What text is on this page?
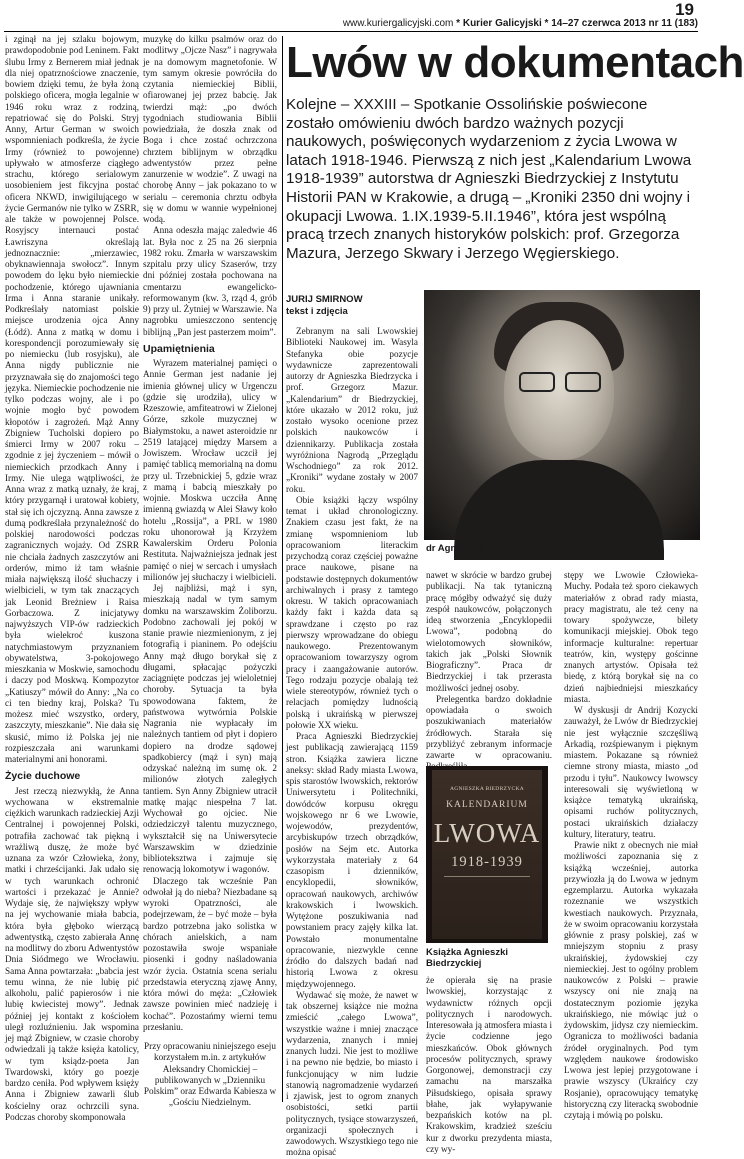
19
www.kuriergalicyjski.com * Kurier Galicyjski * 14–27 czerwca 2013 nr 11 (183)

i zginął na jej szlaku bojowym, prawdopodobnie pod Leninem. Fakt ślubu Irmy z Bernerem miał jednak dla niej opatrznościowe znaczenie, bowiem dzięki temu, że była żoną polskiego oficera, mogła legalnie w 1946 roku wraz z rodziną, repatriować się do Polski. Stryj Anny, Artur German w swoich wspomnieniach podkreśla, że życie Irmy (również to powojenne) upływało w atmosferze ciągłego strachu, którego serialowym uosobieniem jest fikcyjna postać oficera NKWD, inwigilującego w życie Germanów nie tylko w ZSRR, ale także w powojennej Polsce. Rosyjscy internauci postać Ławriszyna określają jednoznacznie: „mierzawiec, obyknawiennaja swołocz”. Innym powodem do lęku było niemieckie pochodzenie, którego ujawniania Irma i Anna staranie unikały. Podkreślały natomiast polskie miejsce urodzenia ojca Anny (Łódź). Anna z matką w domu i korespondencji porozumiewały się po niemiecku (lub rosyjsku), ale Anna nigdy publicznie nie przyznawała się do znajomości tego języka. Niemieckie pochodzenie nie tylko podczas wojny, ale i po wojnie mogło być powodem kłopotów i zagrożeń. Mąż Anny Zbigniew Tucholski dopiero po śmierci Irmy w 2007 roku – zgodnie z jej życzeniem – mówił o niemieckich przodkach Anny i Irmy. Nie ulega wątpliwości, że Anna wraz z matką uznały, że kraj, który przygarnął i uratował kobiety, stał się ich ojczyzną. Anna zawsze z dumą podkreślała przynależność do polskiej narodowości podczas zagranicznych wojaży. Od ZSRR nie chciała żadnych zaszczytów ani orderów, mimo iż tam właśnie miała największą ilość słuchaczy i wielbicieli, w tym tak znaczących jak Leonid Breżniew i Raisa Gorbaczowa. Z inicjatywy najwyższych VIP-ów radzieckich była wielekroć kuszona natychmiastowym przyznaniem obywatelstwa, 3-pokojowego mieszkania w Moskwie, samochodu i daczy pod Moskwą. Kompozytor „Katiuszy” mówił do Anny: „Na co ci ten biedny kraj, Polska? Tu możesz mieć wszystko, ordery, zaszczyty, mieszkanie”. Nie dała się skusić, mimo iż Polska jej nie rozpieszczała ani warunkami materialnymi ani honorami.

Życie duchowe

Jest rzeczą niezwykłą, że Anna wychowana w ekstremalnie ciężkich warunkach radzieckiej Azji Centralnej i powojennej Polski, potrafiła zachować tak piękną i wrażliwą duszę, że może być uznana za wzór Człowieka, żony, matki i chrześcijanki. Jak udało się w tych warunkach ochronić wartości i przekazać je Annie? Wydaje się, że największy wpływ na jej wychowanie miała babcia, która była głęboko wierzącą adwentystką, często zabierała Annę na modlitwy do zboru Adwentystów Dnia Siódmego we Wrocławiu. Sama Anna powtarzała: „babcia jest temu winna, że nie lubię pić alkoholu, palić papierosów i nie lubię kwiecistej mowy”. Jednak później jej kontakt z kościołem uległ rozluźnieniu. Jak wspomina jej mąż Zbigniew, w czasie choroby odwiedzali ją także księża katolicy, w tym ksiądz-poeta Jan Twardowski, który go poezje bardzo ceniła. Pod wpływem księży Anna i Zbigniew zawarli ślub kościelny oraz ochrzcili syna. Podczas choroby skomponowała

muzykę do kilku psalmów oraz do modlitwy „Ojcze Nasz” i nagrywała je na domowym magnetofonie. W tym samym okresie powróciła do czytania niemieckiej Biblii, ofiarowanej jej przez babcię. Jak twierdzi mąż: „po dwóch tygodniach studiowania Biblii powiedziała, że doszła znak od Boga i chce zostać ochrzczona chrztem biblijnym w obrządku adwentystów przez pełne zanurzenie w wodzie”. Z uwagi na chorobę Anny – jak pokazano to w serialu – ceremonia chrztu odbyła się w domu w wannie wypełnionej wodą.

Anna odeszła mając zaledwie 46 lat. Była noc z 25 na 26 sierpnia 1982 roku. Zmarła w warszawskim szpitalu przy ulicy Szaserów, trzy dni później została pochowana na cmentarzu ewangelicko-reformowanym (kw. 3, rząd 4, grób 9) przy ul. Żytniej w Warszawie. Na nagrobku umieszczono sentencję biblijną „Pan jest pasterzem moim”.

Upamiętnienia

Wyrazem materialnej pamięci o Annie German jest nadanie jej imienia głównej ulicy w Urgenczu (gdzie się urodziła), ulicy w Rzeszowie, amfiteatrowi w Zielonej Górze, szkole muzycznej w Białymstoku, a nawet asteroidzie nr 2519 latającej między Marsem a Jowiszem. Wrocław uczcił jej pamięć tablicą memorialną na domu przy ul. Trzebnickiej 5, gdzie wraz z mamą i babcią mieszkały po wojnie. Moskwa uczciła Annę imienną gwiazdą w Alei Sławy koło hotelu „Rossija”, a PRL w 1980 roku uhonorował ją Krzyżem Kawalerskim Orderu Polonia Restituta. Najważniejsza jednak jest pamięć o niej w sercach i umysłach milionów jej słuchaczy i wielbicieli.

Jej najbliżsi, mąż i syn, mieszkają nadal w tym samym domku na warszawskim Żoliborzu. Podobno zachowali jej pokój w stanie prawie niezmienionym, z jej fotografią i pianinem. Po odejściu Anny mąż długo borykał się z długami, spłacając pożyczki zaciągnięte podczas jej wieloletniej choroby. Sytuacja ta była spowodowana faktem, że państwowa wytwórnia Polskie Nagrania nie wypłacały im należnych tantiem od płyt i dopiero dopiero na drodze sądowej spadkobiercy (mąż i syn) mają odzyskać należną im sumę ok. 2 milionów złotych zaległych tantiem. Syn Anny Zbigniew utracił matkę mając niespełna 7 lat. Wychował go ojciec. Nie odziedziczył talentu muzycznego, wykształcił się na Uniwersytecie Warszawskim w dziedzinie biblioteksztwa i zajmuje się renowacją lokomotyw i wagonów.

Dlaczego tak wcześnie Pan odwołał ją do nieba? Niezbadane są wyroki Opatrzności, ale podejrzewam, że – być może – była bardzo potrzebna jako solistka w chórach anielskich, a nam pozostawiła swoje wspaniałe piosenki i godny naśladowania wzór życia. Ostatnia scena serialu przedstawia eteryczną zjawę Anny, która mówi do męża: „Człowiek zawsze powinien mieć nadzieję i kochać”. Pozostańmy wierni temu przesłaniu.

Przy opracowaniu niniejszego eseju korzystałem m.in. z artykułów Aleksandry Chomickiej – publikowanych w „Dzienniku Polskim” oraz Edwarda Kabiesza w „Gościu Niedzielnym.

Lwów w dokumentach
Kolejne – XXXIII – Spotkanie Ossolińskie poświecone zostało omówieniu dwóch bardzo ważnych pozycji naukowych, poświęconych wydarzeniom z życia Lwowa w latach 1918-1946. Pierwszą z nich jest „Kalendarium Lwowa 1918-1939” autorstwa dr Agnieszki Biedrzyckiej z Instytutu Historii PAN w Krakowie, a drugą – „Kroniki 2350 dni wojny i okupacji Lwowa. 1.IX.1939-5.II.1946”, która jest wspólną pracą trzech znanych historyków polskich: prof. Grzegorza Mazura, Jerzego Skwary i Jerzego Węgierskiego.
JURIJ SMIRNOW
tekst i zdjęcia

Zebranym na sali Lwowskiej Biblioteki Naukowej im. Wasyla Stefanyka obie pozycje wydawnicze zaprezentowali autorzy dr Agnieszka Biedrzycka i prof. Grzegorz Mazur. „Kalendarium” dr Biedrzyckiej, które ukazało w 2012 roku, już zostało wysoko ocenione przez polskich naukowców i dziennikarzy. Publikacja została wyróżniona Nagrodą „Przeglądu Wschodniego” za rok 2012. „Kroniki” wydane zostały w 2007 roku.

Obie książki łączy wspólny temat i układ chronologiczny. Znakiem czasu jest fakt, że na zmianę wspomnieniom lub opracowaniom literackim przychodzą coraz częściej poważne prace naukowe, pisane na podstawie dostępnych dokumentów archiwalnych i prasy z tamtego okresu. W takich opracowaniach każdy fakt i każda data są sprawdzane i często po raz pierwszy wprowadzane do obiegu naukowego. Prezentowanym opracowaniom towarzyszy ogrom pracy i zaangażowanie autorów. Tego rodzaju pozycje obalają też wiele stereotypów, również tych o relacjach pomiędzy ludnością polską i ukraińską w pierwszej połowie XX wieku.

Praca Agnieszki Biedrzyckiej jest publikacją zawierającą 1159 stron. Książka zawiera liczne aneksy: skład Rady miasta Lwowa, spis starostów lwowskich, rektorów Uniwersytetu i Politechniki, dowódców korpusu okręgu wojskowego nr 6 we Lwowie, wojewodów, prezydentów, arcybiskupów trzech obrządków, posłów na Sejm etc. Autorka wykorzystała materiały z 64 czasopism i dzienników, encyklopedii, słowników, opracowań naukowych, archiwów krakowskich i lwowskich. Wytężone poszukiwania nad powstaniem pracy zajęły kilka lat. Powstało monumentalne opracowanie, niezwykle cenne źródło do dalszych badań nad historią Lwowa z okresu międzywojennego.

Wydawać się może, że nawet w tak obszernej książce nie można zmieścić „całego Lwowa”, wszystkie ważne i mniej znaczące wydarzenia, znanych i mniej znanych ludzi. Nie jest to możliwe i na pewno nie będzie, bo miasto i funkcjonujący w nim ludzie stanowią nagromadzenie wydarzeń i zjawisk, jest to ogrom znanych osobistości, setki partii politycznych, tysiące stowarzyszeń, organizacji społecznych i zawodowych. Wszystkiego tego nie można opisać

dr Agnieszka Biedrzycka

nawet w skrócie w bardzo grubej publikacji. Na tak tytaniczną pracę mógłby odważyć się duży zespół naukowców, połączonych ideą stworzenia „Encyklopedii Lwowa”, podobną do wielotomowych słowników, takich jak „Polski Słownik Biograficzny”. Praca dr Biedrzyckiej i tak przerasta możliwości jednej osoby.

Prelegentka bardzo dokładnie opowiadała o swoich poszukiwaniach materiałów źródłowych. Starała się przybliżyć zebranym informacje zawarte w opracowaniu.

AGNIESZKA BIEDRZYCKA
KALENDARIUM
LWOWA
1918-1939
Książka Agnieszki Biedrzyckiej

że opierała się na prasie lwowskiej, korzystając z wydawnictw różnych opcji politycznych i narodowych. Interesowała ją atmosfera miasta i życie codzienne jego mieszkańców. Obok głównych procesów politycznych, sprawy Gorgonowej, demonstracji czy zamachu na marszałka Piłsudskiego, opisała sprawy błahe, jak wyłapywanie bezpańskich kotów na pl. Krakowskim, kradzież sześciu kur z dworku prezydenta miasta, czy wy-

stępy we Lwowie Człowieka-Muchy. Podała też sporo ciekawych materiałów z obrad rady miasta, pracy magistratu, ale też ceny na towary spożywcze, bilety komunikacji miejskiej. Obok tego informacje kulturalne: repertuar teatrów, kin, występy gościnne znanych artystów. Opisała też biedę, z którą borykał się na co dzień najbiedniejsi mieszkańcy miasta.

W dyskusji dr Andrij Kozycki zauważył, że Lwów dr Biedrzyckiej nie jest wyłącznie szczęśliwą Arkadią, rozśpiewanym i pięknym miastem. Pokazane są również ciemne strony miasta, miasto „od przodu i tyłu”. Naukowcy lwowscy interesowali się wyświetloną w książce tematyką ukraińską, opisami ruchów politycznych, postaci ukraińskich działaczy kultury, literatury, teatru.

Prawie nikt z obecnych nie miał możliwości zapoznania się z książką wcześniej, autorka przywiozła ją do Lwowa w jednym egzemplarzu. Autorka wykazała rozeznanie we wszystkich kwestiach naukowych. Przyznała, że w swoim opracowaniu korzystała głównie z prasy polskiej, zaś w mniejszym stopniu z prasy ukraińskiej, żydowskiej czy niemieckiej. Jest to ogólny problem naukowców z Polski – prawie wszyscy oni nie znają na dostatecznym poziomie języka ukraińskiego, nie mówiąc już o żydowskim, jidysz czy niemieckim. Ogranicza to możliwości badania źródeł oryginalnych. Pod tym względem naukowe środowisko Lwowa jest lepiej przygotowane i prawie wszyscy (Ukraińcy czy Rosjanie), opracowujący tematykę historyczną czy literacką swobodnie czytają i mówią po polsku.
